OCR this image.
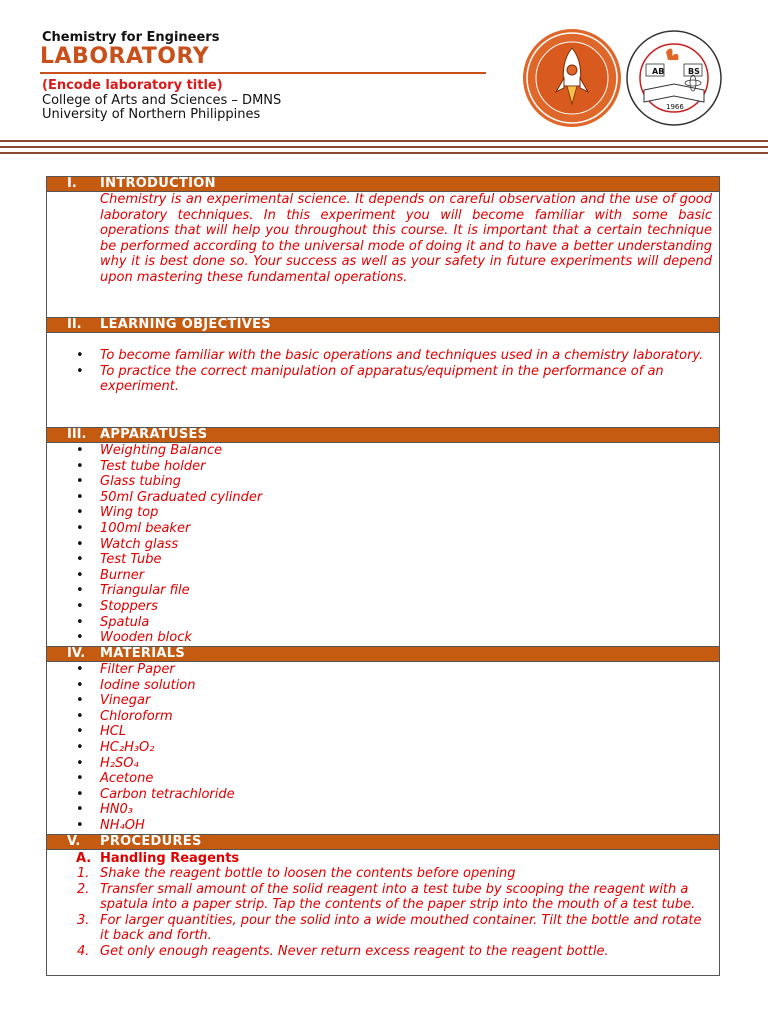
Chemistry for Engineers
LABORATORY
(Encode laboratory title)
College of Arts and Sciences – DMNS
University of Northern Philippines
AB	BS
1966
I. INTRODUCTION

Chemistry is an experimental science. It depends on careful observation and the use of good laboratory techniques. In this experiment you will become familiar with some basic operations that will help you throughout this course. It is important that a certain technique be performed according to the universal mode of doing it and to have a better understanding why it is best done so. Your success as well as your safety in future experiments will depend upon mastering these fundamental operations.

II. LEARNING OBJECTIVES
• To become familiar with the basic operations and techniques used in a chemistry laboratory.
• To practice the correct manipulation of apparatus/equipment in the performance of an experiment.
III. APPARATUSES
• Weighting Balance
• Test tube holder
• Glass tubing
• 50ml Graduated cylinder
• Wing top
• 100ml beaker
• Watch glass
• Test Tube
• Burner
• Triangular file
• Stoppers
• Spatula
• Wooden block
IV. MATERIALS
• Filter Paper
• Iodine solution
• Vinegar
• Chloroform
• HCL
• HC₂H₃O₂
• H₂SO₄
• Acetone
• Carbon tetrachloride
• HN0₃
• NH₄OH
V. PROCEDURES
A. Handling Reagents
1. Shake the reagent bottle to loosen the contents before opening
2. Transfer small amount of the solid reagent into a test tube by scooping the reagent with a spatula into a paper strip. Tap the contents of the paper strip into the mouth of a test tube.
3. For larger quantities, pour the solid into a wide mouthed container. Tilt the bottle and rotate it back and forth.
4. Get only enough reagents. Never return excess reagent to the reagent bottle.
